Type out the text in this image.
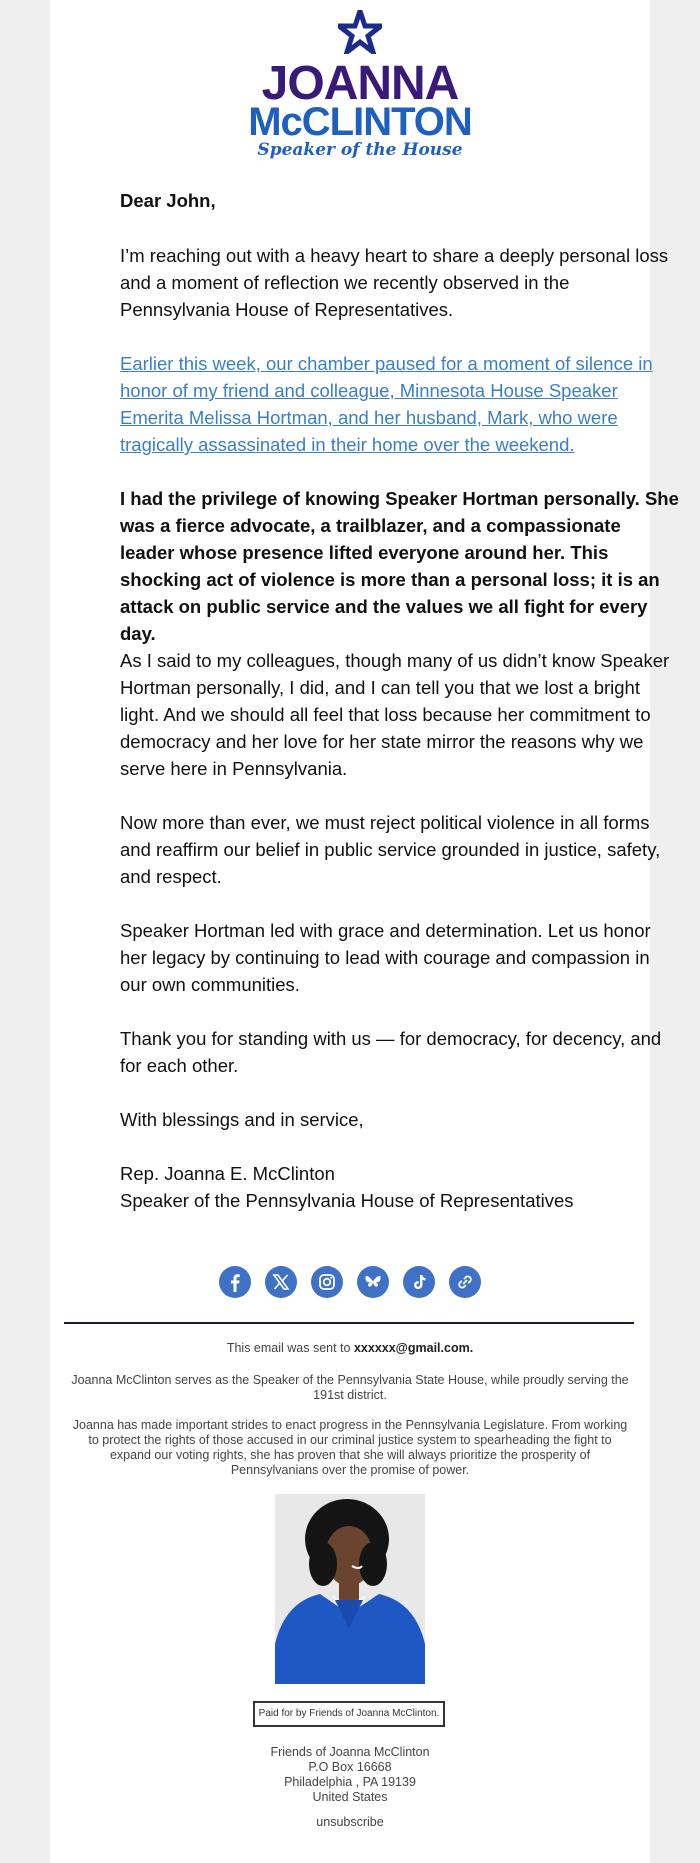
JOANNA
McCLINTON
Speaker of the House

Dear John,

I’m reaching out with a heavy heart to share a deeply personal loss and a moment of reflection we recently observed in the Pennsylvania House of Representatives.

Earlier this week, our chamber paused for a moment of silence in honor of my friend and colleague, Minnesota House Speaker Emerita Melissa Hortman, and her husband, Mark, who were tragically assassinated in their home over the weekend.

I had the privilege of knowing Speaker Hortman personally. She was a fierce advocate, a trailblazer, and a compassionate leader whose presence lifted everyone around her. This shocking act of violence is more than a personal loss; it is an attack on public service and the values we all fight for every day.

As I said to my colleagues, though many of us didn’t know Speaker Hortman personally, I did, and I can tell you that we lost a bright light. And we should all feel that loss because her commitment to democracy and her love for her state mirror the reasons why we serve here in Pennsylvania.

Now more than ever, we must reject political violence in all forms and reaffirm our belief in public service grounded in justice, safety, and respect.

Speaker Hortman led with grace and determination. Let us honor her legacy by continuing to lead with courage and compassion in our own communities.

Thank you for standing with us — for democracy, for decency, and for each other.

With blessings and in service,

Rep. Joanna E. McClinton

Speaker of the Pennsylvania House of Representatives

This email was sent to xxxxxx@gmail.com.
Joanna McClinton serves as the Speaker of the Pennsylvania State House, while proudly serving the 191st district.
Joanna has made important strides to enact progress in the Pennsylvania Legislature. From working to protect the rights of those accused in our criminal justice system to spearheading the fight to expand our voting rights, she has proven that she will always prioritize the prosperity of Pennsylvanians over the promise of power.
Paid for by Friends of Joanna McClinton.
Friends of Joanna McClinton
P.O Box 16668
Philadelphia , PA 19139
United States
unsubscribe
